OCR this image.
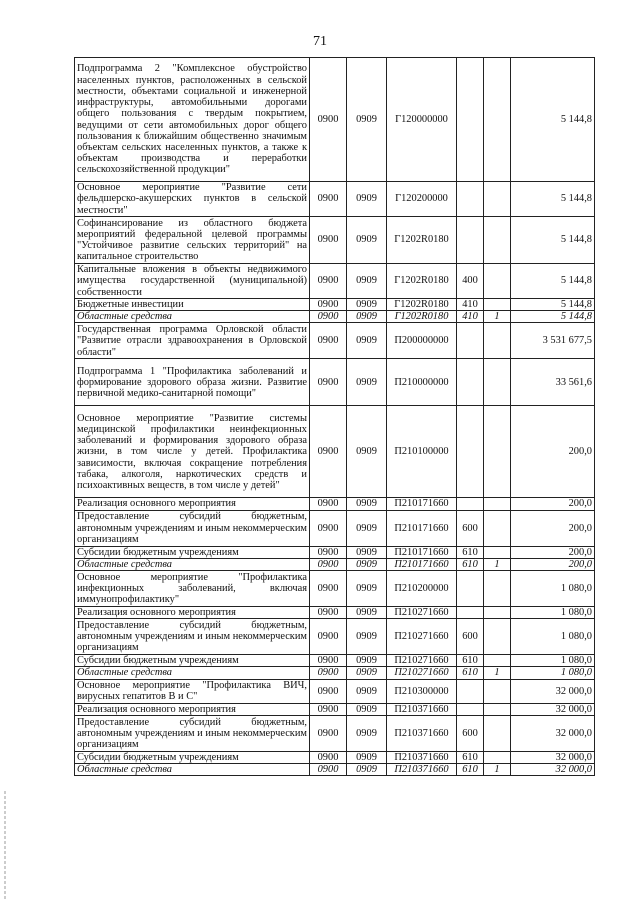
71
Подпрограмма 2 "Комплексное обустройство населенных пунктов, расположенных в сельской местности, объектами социальной и инженерной инфраструктуры, автомобильными дорогами общего пользования с твердым покрытием, ведущими от сети автомобильных дорог общего пользования к ближайшим общественно значимым объектам сельских населенных пунктов, а также к объектам производства и переработки сельскохозяйственной продукции"	0900	0909	Г120000000			5 144,8
Основное мероприятие "Развитие сети фельдшерско-акушерских пунктов в сельской местности"	0900	0909	Г120200000			5 144,8
Софинансирование из областного бюджета мероприятий федеральной целевой программы "Устойчивое развитие сельских территорий" на капитальное строительство	0900	0909	Г1202R0180			5 144,8
Капитальные вложения в объекты недвижимого имущества государственной (муниципальной) собственности	0900	0909	Г1202R0180	400		5 144,8
Бюджетные инвестиции	0900	0909	Г1202R0180	410		5 144,8
Областные средства	0900	0909	Г1202R0180	410	1	5 144,8
Государственная программа Орловской области "Развитие отрасли здравоохранения в Орловской области"	0900	0909	П200000000			3 531 677,5
Подпрограмма 1 "Профилактика заболеваний и формирование здорового образа жизни. Развитие первичной медико-санитарной помощи"	0900	0909	П210000000			33 561,6
Основное мероприятие "Развитие системы медицинской профилактики неинфекционных заболеваний и формирования здорового образа жизни, в том числе у детей. Профилактика зависимости, включая сокращение потребления табака, алкоголя, наркотических средств и психоактивных веществ, в том числе у детей"	0900	0909	П210100000			200,0
Реализация основного мероприятия	0900	0909	П210171660			200,0
Предоставление субсидий бюджетным, автономным учреждениям и иным некоммерческим организациям	0900	0909	П210171660	600		200,0
Субсидии бюджетным учреждениям	0900	0909	П210171660	610		200,0
Областные средства	0900	0909	П210171660	610	1	200,0
Основное мероприятие "Профилактика инфекционных заболеваний, включая иммунопрофилактику"	0900	0909	П210200000			1 080,0
Реализация основного мероприятия	0900	0909	П210271660			1 080,0
Предоставление субсидий бюджетным, автономным учреждениям и иным некоммерческим организациям	0900	0909	П210271660	600		1 080,0
Субсидии бюджетным учреждениям	0900	0909	П210271660	610		1 080,0
Областные средства	0900	0909	П210271660	610	1	1 080,0
Основное мероприятие "Профилактика ВИЧ, вирусных гепатитов В и С"	0900	0909	П210300000			32 000,0
Реализация основного мероприятия	0900	0909	П210371660			32 000,0
Предоставление субсидий бюджетным, автономным учреждениям и иным некоммерческим организациям	0900	0909	П210371660	600		32 000,0
Субсидии бюджетным учреждениям	0900	0909	П210371660	610		32 000,0
Областные средства	0900	0909	П210371660	610	1	32 000,0
